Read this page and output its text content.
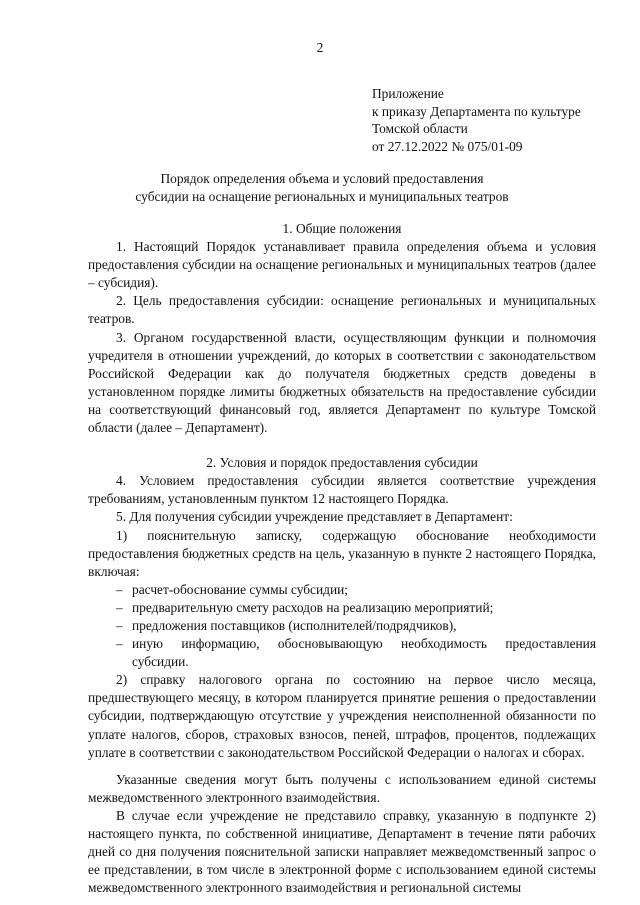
2
Приложение
к приказу Департамента по культуре
Томской области
от 27.12.2022 № 075/01-09
Порядок определения объема и условий предоставления
субсидии на оснащение региональных и муниципальных театров

1. Общие положения

1. Настоящий Порядок устанавливает правила определения объема и условия предоставления субсидии на оснащение региональных и муниципальных театров (далее – субсидия).

2. Цель предоставления субсидии: оснащение региональных и муниципальных театров.

3. Органом государственной власти, осуществляющим функции и полномочия учредителя в отношении учреждений, до которых в соответствии с законодательством Российской Федерации как до получателя бюджетных средств доведены в установленном порядке лимиты бюджетных обязательств на предоставление субсидии на соответствующий финансовый год, является Департамент по культуре Томской области (далее – Департамент).

2. Условия и порядок предоставления субсидии

4. Условием предоставления субсидии является соответствие учреждения требованиям, установленным пунктом 12 настоящего Порядка.

5. Для получения субсидии учреждение представляет в Департамент:

1) пояснительную записку, содержащую обоснование необходимости предоставления бюджетных средств на цель, указанную в пункте 2 настоящего Порядка, включая:

– расчет-обоснование суммы субсидии;
– предварительную смету расходов на реализацию мероприятий;
– предложения поставщиков (исполнителей/подрядчиков),
– иную информацию, обосновывающую необходимость предоставления субсидии.

2) справку налогового органа по состоянию на первое число месяца, предшествующего месяцу, в котором планируется принятие решения о предоставлении субсидии, подтверждающую отсутствие у учреждения неисполненной обязанности по уплате налогов, сборов, страховых взносов, пеней, штрафов, процентов, подлежащих уплате в соответствии с законодательством Российской Федерации о налогах и сборах.

Указанные сведения могут быть получены с использованием единой системы межведомственного электронного взаимодействия.

В случае если учреждение не представило справку, указанную в подпункте 2) настоящего пункта, по собственной инициативе, Департамент в течение пяти рабочих дней со дня получения пояснительной записки направляет межведомственный запрос о ее представлении, в том числе в электронной форме с использованием единой системы межведомственного электронного взаимодействия и региональной системы
